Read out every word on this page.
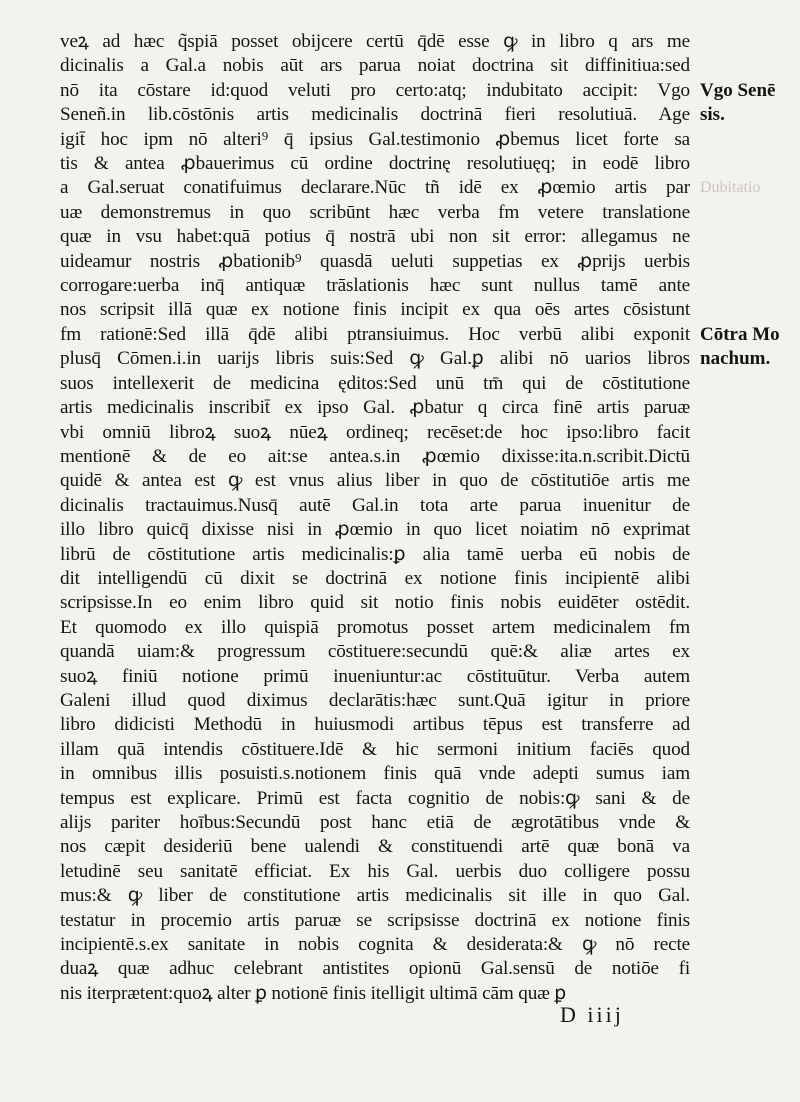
veꝝ ad hæc q̃spiā posset obijcere certū q̄dē esse ꝙ in libro q ars me
dicinalis a Gal.a nobis aūt ars parua noiat doctrina sit diffinitiua:sed
nō ita cōstare id:quod veluti pro certo:atq; indubitato accipit: Vgo
Seneñ.in lib.cōstōnis artis medicinalis doctrinā fieri resolutiuā. Age
igit̄ hoc ipm nō alteri⁹ q̄ ipsius Gal.testimonio ꝓbemus licet forte sa
tis & antea ꝓbauerimus cū ordine doctrinę resolutiuęq; in eodē libro
a Gal.seruat conatifuimus declarare.Nūc tñ idē ex ꝓœmio artis par
uæ demonstremus in quo scribūnt hæc verba fm vetere translatione
quæ in vsu habet:quā potius q̄ nostrā ubi non sit error: allegamus ne
uideamur nostris ꝓbationib⁹ quasdā ueluti suppetias ex ꝓprijs uerbis
corrogare:uerba inq̄ antiquæ trāslationis hæc sunt nullus tamē ante
nos scripsit illā quæ ex notione finis incipit ex qua oēs artes cōsistunt
fm rationē:Sed illā q̄dē alibi ptransiuimus. Hoc verbū alibi exponit
plusq̄ Cōmen.i.in uarijs libris suis:Sed ꝙ Gal.ꝑ alibi nō uarios libros
suos intellexerit de medicina ęditos:Sed unū tm̄ qui de cōstitutione
artis medicinalis inscribit̄ ex ipso Gal. ꝓbatur q circa finē artis paruæ
vbi omniū libroꝝ suoꝝ nūeꝝ ordineq; recēset:de hoc ipso:libro facit
mentionē & de eo ait:se antea.s.in ꝓœmio dixisse:ita.n.scribit.Dictū
quidē & antea est ꝙ est vnus alius liber in quo de cōstitutiōe artis me
dicinalis tractauimus.Nusq̄ autē Gal.in tota arte parua inuenitur de
illo libro quicq̄ dixisse nisi in ꝓœmio in quo licet noiatim nō exprimat
librū de cōstitutione artis medicinalis:ꝑ alia tamē uerba eū nobis de
dit intelligendū cū dixit se doctrinā ex notione finis incipientē alibi
scripsisse.In eo enim libro quid sit notio finis nobis euidēter ostēdit.
Et quomodo ex illo quispiā promotus posset artem medicinalem fm
quandā uiam:& progressum cōstituere:secundū quē:& aliæ artes ex
suoꝝ finiū notione primū inueniuntur:ac cōstituūtur. Verba autem
Galeni illud quod diximus declarātis:hæc sunt.Quā igitur in priore
libro didicisti Methodū in huiusmodi artibus tēpus est transferre ad
illam quā intendis cōstituere.Idē & hic sermoni initium faciēs quod
in omnibus illis posuisti.s.notionem finis quā vnde adepti sumus iam
tempus est explicare. Primū est facta cognitio de nobis:ꝙ sani & de
alijs pariter hoībus:Secundū post hanc etiā de ægrotātibus vnde &
nos cæpit desideriū bene ualendi & constituendi artē quæ bonā va
letudinē seu sanitatē efficiat. Ex his Gal. uerbis duo colligere possu
mus:& ꝙ liber de constitutione artis medicinalis sit ille in quo Gal.
testatur in procemio artis paruæ se scripsisse doctrinā ex notione finis
incipientē.s.ex sanitate in nobis cognita & desiderata:& ꝙ nō recte
duaꝝ quæ adhuc celebrant antistites opionū Gal.sensū de notiōe fi
nis iterprætent:quoꝝ alter ꝑ notionē finis itelligit ultimā cām quæ ꝑ
Vgo Senē
sis.
Dubitatio
Cōtra Mo
nachum.
D iiij
